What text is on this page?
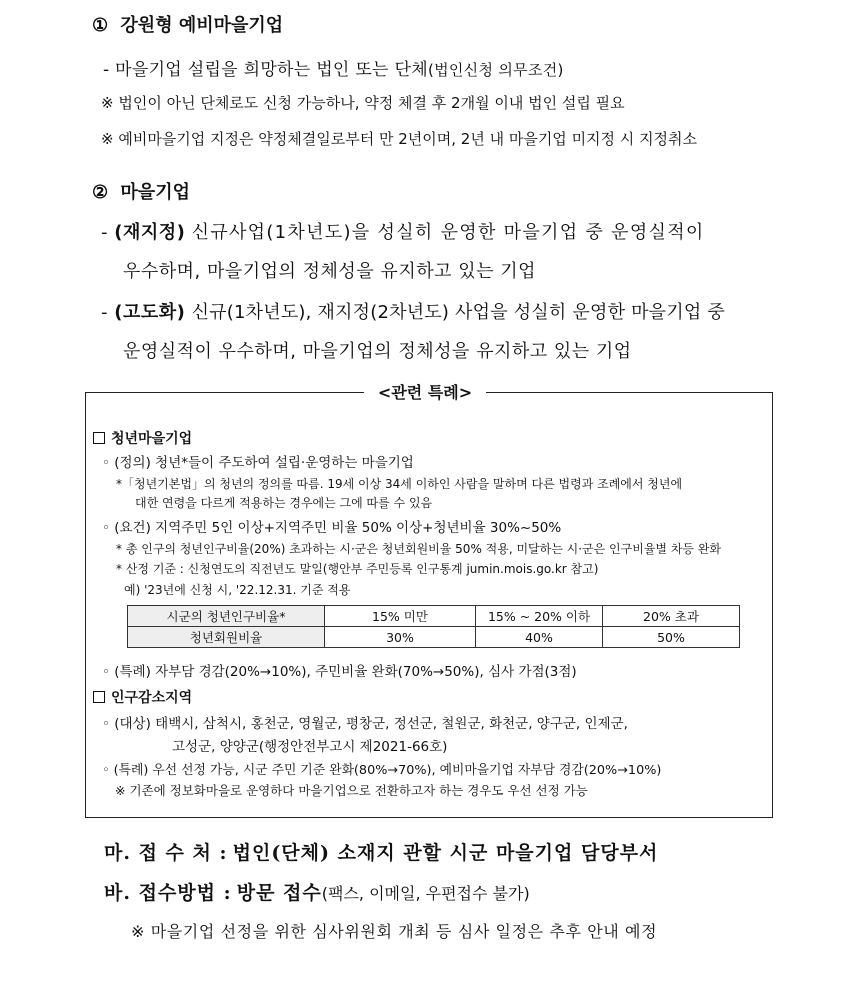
① 강원형 예비마을기업
- 마을기업 설립을 희망하는 법인 또는 단체(법인신청 의무조건)
※ 법인이 아닌 단체로도 신청 가능하나, 약정 체결 후 2개월 이내 법인 설립 필요
※ 예비마을기업 지정은 약정체결일로부터 만 2년이며, 2년 내 마을기업 미지정 시 지정취소
② 마을기업
- (재지정) 신규사업(1차년도)을 성실히 운영한 마을기업 중 운영실적이
우수하며, 마을기업의 정체성을 유지하고 있는 기업
- (고도화) 신규(1차년도), 재지정(2차년도) 사업을 성실히 운영한 마을기업 중
운영실적이 우수하며, 마을기업의 정체성을 유지하고 있는 기업
<관련 특례>
청년마을기업
◦ (정의) 청년*들이 주도하여 설립·운영하는 마을기업
*「청년기본법」의 청년의 정의를 따름. 19세 이상 34세 이하인 사람을 말하며 다른 법령과 조례에서 청년에
대한 연령을 다르게 적용하는 경우에는 그에 따를 수 있음
◦ (요건) 지역주민 5인 이상+지역주민 비율 50% 이상+청년비율 30%~50%
* 총 인구의 청년인구비율(20%) 초과하는 시·군은 청년회원비율 50% 적용, 미달하는 시·군은 인구비율별 차등 완화
* 산정 기준 : 신청연도의 직전년도 말일(행안부 주민등록 인구통계 jumin.mois.go.kr 참고)
예) '23년에 신청 시, '22.12.31. 기준 적용
시군의 청년인구비율*	15% 미만	15% ~ 20% 이하	20% 초과
청년회원비율	30%	40%	50%
◦ (특례) 자부담 경감(20%→10%), 주민비율 완화(70%→50%), 심사 가점(3점)
인구감소지역
◦ (대상) 태백시, 삼척시, 홍천군, 영월군, 평창군, 정선군, 철원군, 화천군, 양구군, 인제군,
고성군, 양양군(행정안전부고시 제2021-66호)
◦ (특례) 우선 선정 가능, 시군 주민 기준 완화(80%→70%), 예비마을기업 자부담 경감(20%→10%)
※ 기존에 정보화마을로 운영하다 마을기업으로 전환하고자 하는 경우도 우선 선정 가능
마. 접 수 처 : 법인(단체) 소재지 관할 시군 마을기업 담당부서
바. 접수방법 : 방문 접수(팩스, 이메일, 우편접수 불가)
※ 마을기업 선정을 위한 심사위원회 개최 등 심사 일정은 추후 안내 예정
